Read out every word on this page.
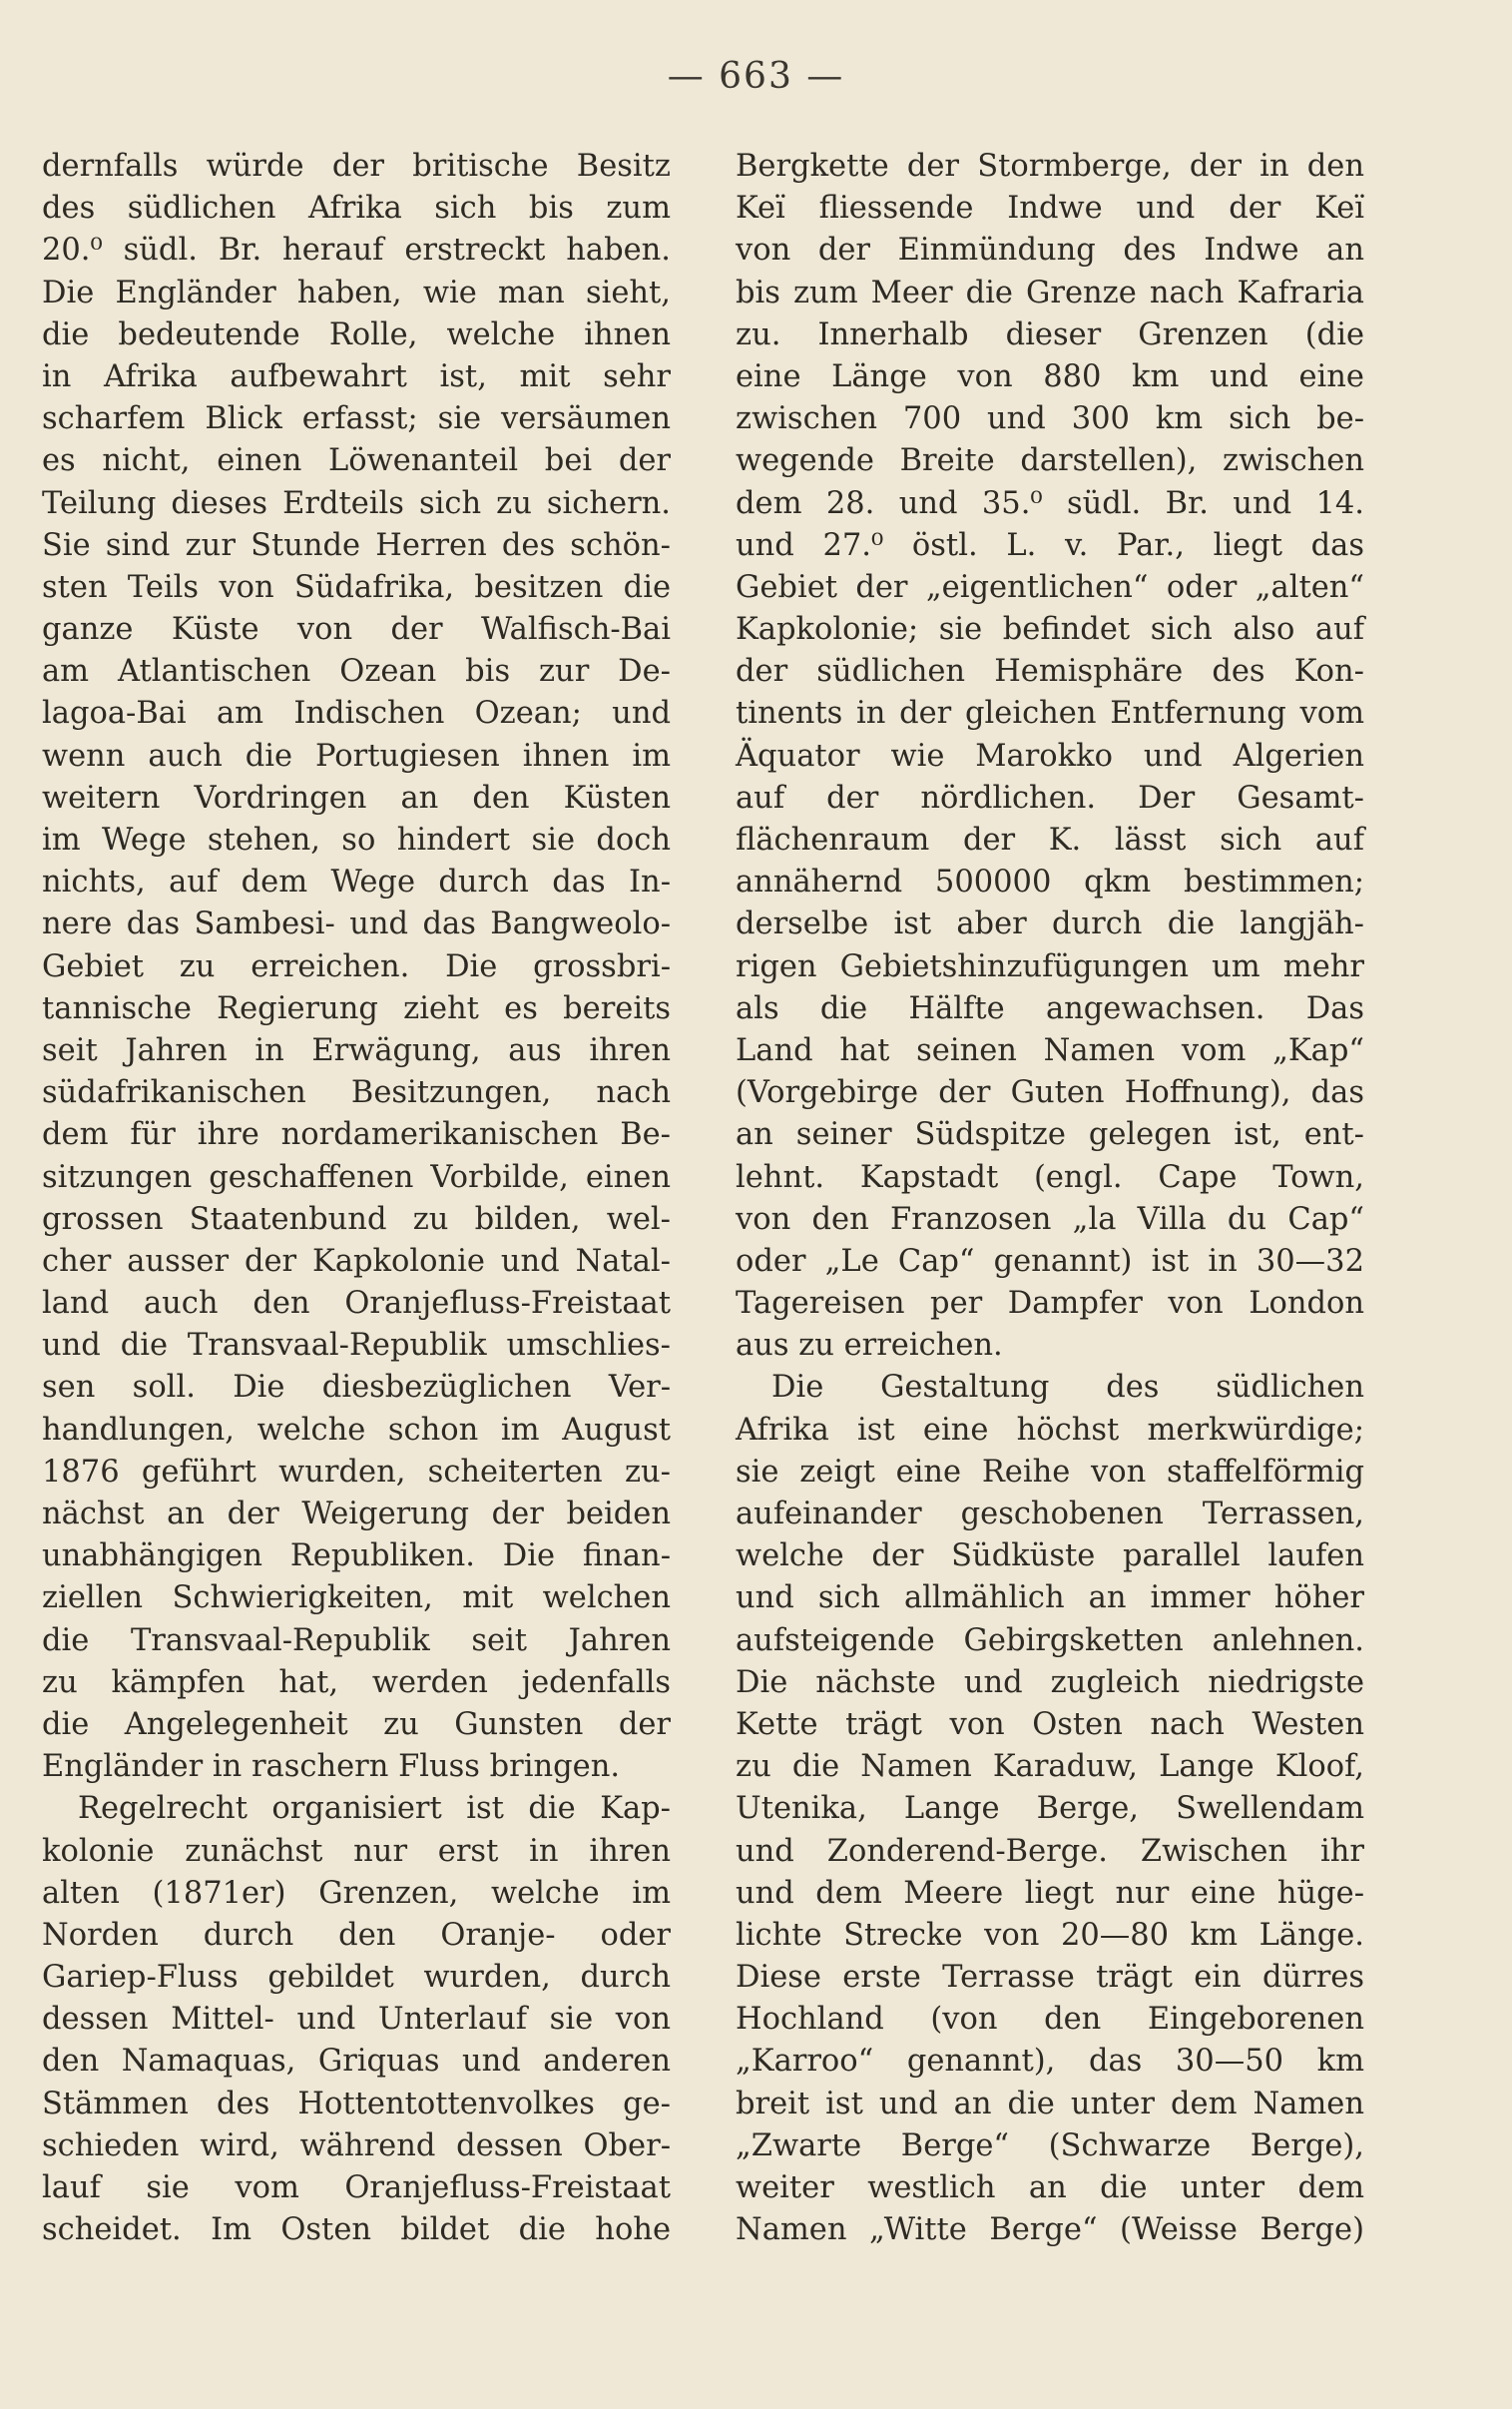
— 663 —
dernfalls würde der britische Besitz
des südlichen Afrika sich bis zum
20.⁰ südl. Br. herauf erstreckt haben.
Die Engländer haben, wie man sieht,
die bedeutende Rolle, welche ihnen
in Afrika aufbewahrt ist, mit sehr
scharfem Blick erfasst; sie versäumen
es nicht, einen Löwenanteil bei der
Teilung dieses Erdteils sich zu sichern.
Sie sind zur Stunde Herren des schön-
sten Teils von Südafrika, besitzen die
ganze Küste von der Walfisch-Bai
am Atlantischen Ozean bis zur De-
lagoa-Bai am Indischen Ozean; und
wenn auch die Portugiesen ihnen im
weitern Vordringen an den Küsten
im Wege stehen, so hindert sie doch
nichts, auf dem Wege durch das In-
nere das Sambesi- und das Bangweolo-
Gebiet zu erreichen. Die grossbri-
tannische Regierung zieht es bereits
seit Jahren in Erwägung, aus ihren
südafrikanischen Besitzungen, nach
dem für ihre nordamerikanischen Be-
sitzungen geschaffenen Vorbilde, einen
grossen Staatenbund zu bilden, wel-
cher ausser der Kapkolonie und Natal-
land auch den Oranjefluss-Freistaat
und die Transvaal-Republik umschlies-
sen soll. Die diesbezüglichen Ver-
handlungen, welche schon im August
1876 geführt wurden, scheiterten zu-
nächst an der Weigerung der beiden
unabhängigen Republiken. Die finan-
ziellen Schwierigkeiten, mit welchen
die Transvaal-Republik seit Jahren
zu kämpfen hat, werden jedenfalls
die Angelegenheit zu Gunsten der
Engländer in raschern Fluss bringen.
Regelrecht organisiert ist die Kap-
kolonie zunächst nur erst in ihren
alten (1871er) Grenzen, welche im
Norden durch den Oranje- oder
Gariep-Fluss gebildet wurden, durch
dessen Mittel- und Unterlauf sie von
den Namaquas, Griquas und anderen
Stämmen des Hottentottenvolkes ge-
schieden wird, während dessen Ober-
lauf sie vom Oranjefluss-Freistaat
scheidet. Im Osten bildet die hohe
Bergkette der Stormberge, der in den
Keï fliessende Indwe und der Keï
von der Einmündung des Indwe an
bis zum Meer die Grenze nach Kafraria
zu. Innerhalb dieser Grenzen (die
eine Länge von 880 km und eine
zwischen 700 und 300 km sich be-
wegende Breite darstellen), zwischen
dem 28. und 35.⁰ südl. Br. und 14.
und 27.⁰ östl. L. v. Par., liegt das
Gebiet der „eigentlichen“ oder „alten“
Kapkolonie; sie befindet sich also auf
der südlichen Hemisphäre des Kon-
tinents in der gleichen Entfernung vom
Äquator wie Marokko und Algerien
auf der nördlichen. Der Gesamt-
flächenraum der K. lässt sich auf
annähernd 500000 qkm bestimmen;
derselbe ist aber durch die langjäh-
rigen Gebietshinzufügungen um mehr
als die Hälfte angewachsen. Das
Land hat seinen Namen vom „Kap“
(Vorgebirge der Guten Hoffnung), das
an seiner Südspitze gelegen ist, ent-
lehnt. Kapstadt (engl. Cape Town,
von den Franzosen „la Villa du Cap“
oder „Le Cap“ genannt) ist in 30—32
Tagereisen per Dampfer von London
aus zu erreichen.
Die Gestaltung des südlichen
Afrika ist eine höchst merkwürdige;
sie zeigt eine Reihe von staffelförmig
aufeinander geschobenen Terrassen,
welche der Südküste parallel laufen
und sich allmählich an immer höher
aufsteigende Gebirgsketten anlehnen.
Die nächste und zugleich niedrigste
Kette trägt von Osten nach Westen
zu die Namen Karaduw, Lange Kloof,
Utenika, Lange Berge, Swellendam
und Zonderend-Berge. Zwischen ihr
und dem Meere liegt nur eine hüge-
lichte Strecke von 20—80 km Länge.
Diese erste Terrasse trägt ein dürres
Hochland (von den Eingeborenen
„Karroo“ genannt), das 30—50 km
breit ist und an die unter dem Namen
„Zwarte Berge“ (Schwarze Berge),
weiter westlich an die unter dem
Namen „Witte Berge“ (Weisse Berge)
